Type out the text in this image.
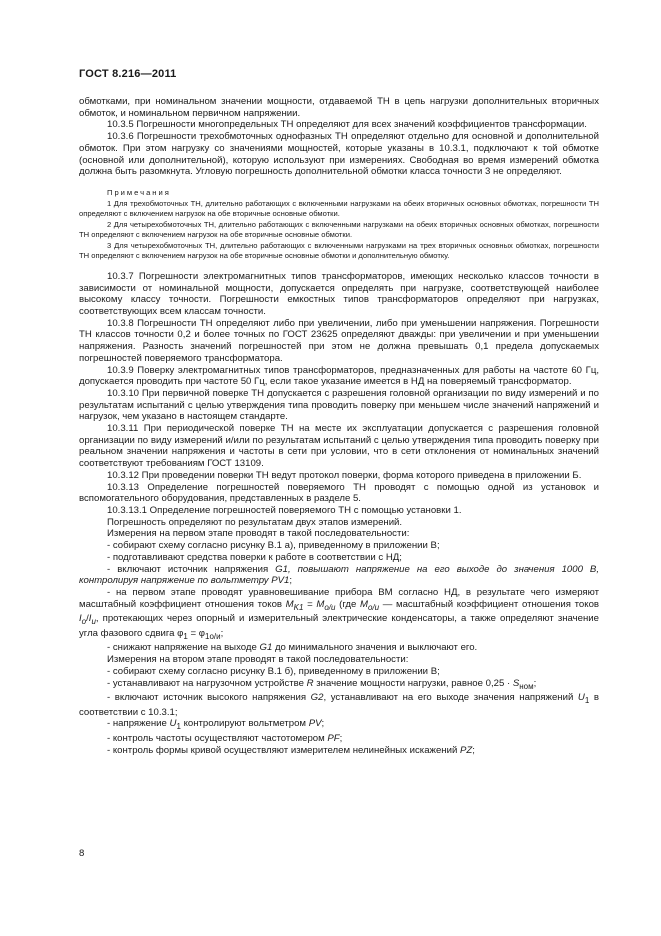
ГОСТ 8.216—2011

обмотками, при номинальном значении мощности, отдаваемой ТН в цепь нагрузки дополнительных вторичных обмоток, и номинальном первичном напряжении.

10.3.5 Погрешности многопредельных ТН определяют для всех значений коэффициентов трансформации.

10.3.6 Погрешности трехобмоточных однофазных ТН определяют отдельно для основной и дополнительной обмоток. При этом нагрузку со значениями мощностей, которые указаны в 10.3.1, подключают к той обмотке (основной или дополнительной), которую используют при измерениях. Свободная во время измерений обмотка должна быть разомкнута. Угловую погрешность дополнительной обмотки класса точности 3 не определяют.

Примечания

1 Для трехобмоточных ТН, длительно работающих с включенными нагрузками на обеих вторичных основных обмотках, погрешности ТН определяют с включением нагрузок на обе вторичные основные обмотки.

2 Для четырехобмоточных ТН, длительно работающих с включенными нагрузками на обеих вторичных основных обмотках, погрешности ТН определяют с включением нагрузок на обе вторичные основные обмотки.

3 Для четырехобмоточных ТН, длительно работающих с включенными нагрузками на трех вторичных основных обмотках, погрешности ТН определяют с включением нагрузок на обе вторичные основные обмотки и дополнительную обмотку.

10.3.7 Погрешности электромагнитных типов трансформаторов, имеющих несколько классов точности в зависимости от номинальной мощности, допускается определять при нагрузке, соответствующей наиболее высокому классу точности. Погрешности емкостных типов трансформаторов определяют при нагрузках, соответствующих всем классам точности.

10.3.8 Погрешности ТН определяют либо при увеличении, либо при уменьшении напряжения. Погрешности ТН классов точности 0,2 и более точных по ГОСТ 23625 определяют дважды: при увеличении и при уменьшении напряжения. Разность значений погрешностей при этом не должна превышать 0,1 предела допускаемых погрешностей поверяемого трансформатора.

10.3.9 Поверку электромагнитных типов трансформаторов, предназначенных для работы на частоте 60 Гц, допускается проводить при частоте 50 Гц, если такое указание имеется в НД на поверяемый трансформатор.

10.3.10 При первичной поверке ТН допускается с разрешения головной организации по виду измерений и по результатам испытаний с целью утверждения типа проводить поверку при меньшем числе значений напряжений и нагрузок, чем указано в настоящем стандарте.

10.3.11 При периодической поверке ТН на месте их эксплуатации допускается с разрешения головной организации по виду измерений и/или по результатам испытаний с целью утверждения типа проводить поверку при реальном значении напряжения и частоты в сети при условии, что в сети отклонения от номинальных значений соответствуют требованиям ГОСТ 13109.

10.3.12 При проведении поверки ТН ведут протокол поверки, форма которого приведена в приложении Б.

10.3.13 Определение погрешностей поверяемого ТН проводят с помощью одной из установок и вспомогательного оборудования, представленных в разделе 5.

10.3.13.1 Определение погрешностей поверяемого ТН с помощью установки 1.

Погрешность определяют по результатам двух этапов измерений.

Измерения на первом этапе проводят в такой последовательности:

- собирают схему согласно рисунку В.1 а), приведенному в приложении В;

- подготавливают средства поверки к работе в соответствии с НД;

- включают источник напряжения G1, повышают напряжение на его выходе до значения 1000 В, контролируя напряжение по вольтметру PV1;

- на первом этапе проводят уравновешивание прибора ВМ согласно НД, в результате чего измеряют масштабный коэффициент отношения токов $M_{K1} = M_{o/и}$ (где $M_{o/и}$ — масштабный коэффициент отношения токов $I_o/I_и$, протекающих через опорный и измерительный электрические конденсаторы, а также определяют значение угла фазового сдвига $\varphi_1 = \varphi_{1o/и}$;

- снижают напряжение на выходе G1 до минимального значения и выключают его.

Измерения на втором этапе проводят в такой последовательности:

- собирают схему согласно рисунку В.1 б), приведенному в приложении В;

- устанавливают на нагрузочном устройстве R значение мощности нагрузки, равное $0,25 \cdot S_{ном}$;

- включают источник высокого напряжения G2, устанавливают на его выходе значения напряжений $U_1$ в соответствии с 10.3.1;

- напряжение $U_1$ контролируют вольтметром PV;

- контроль частоты осуществляют частотомером PF;

- контроль формы кривой осуществляют измерителем нелинейных искажений PZ;

8
